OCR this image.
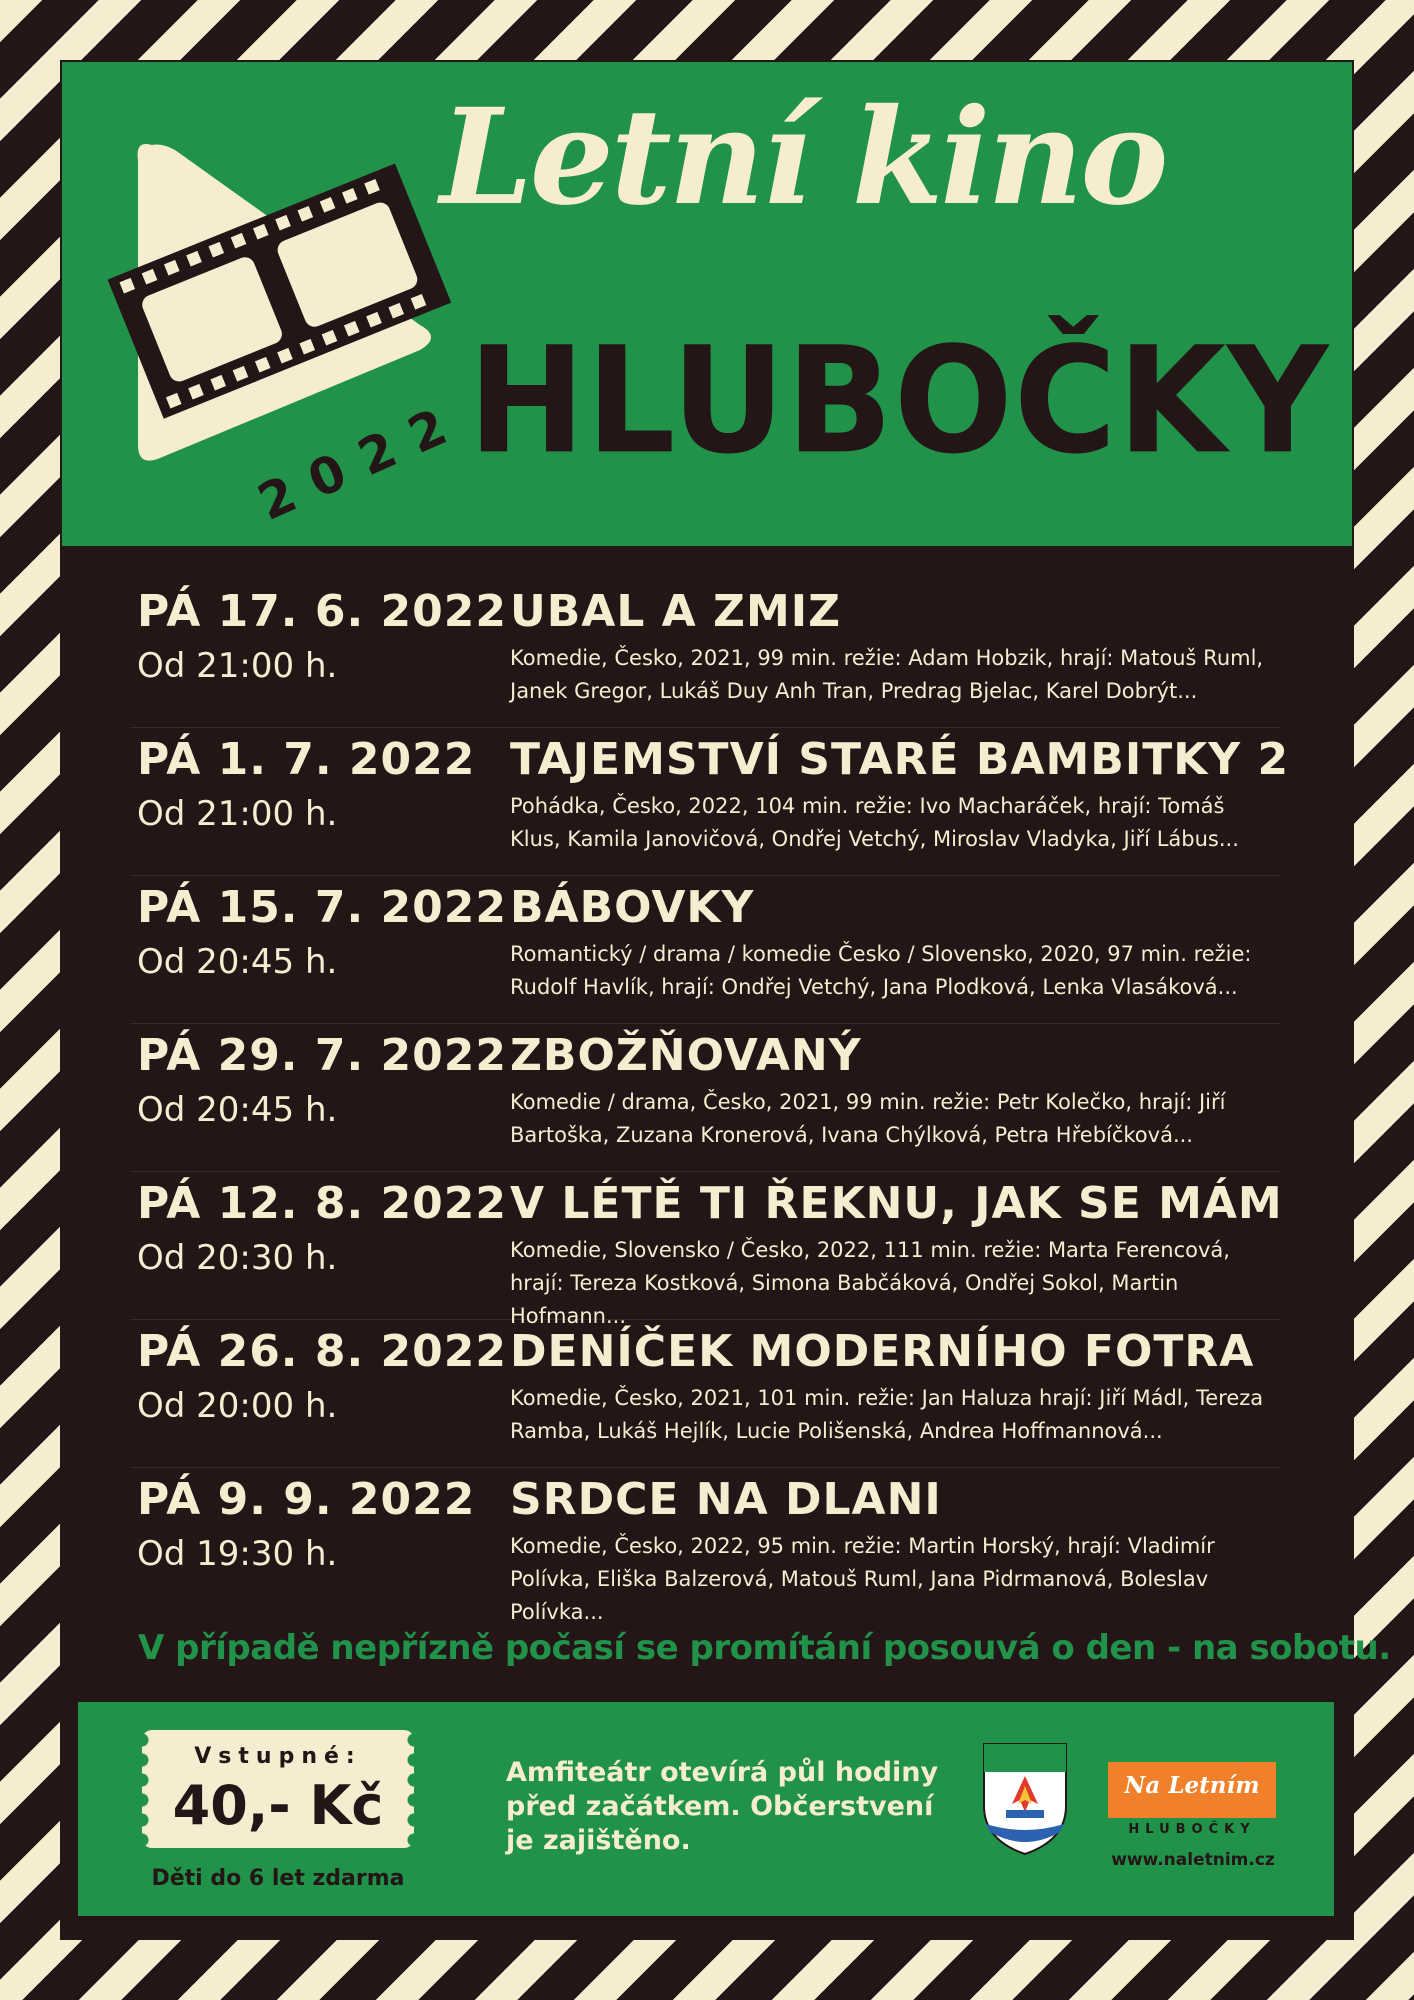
2022
Letní kino
HLUBOČKY
PÁ 17. 6. 2022
Od 21:00 h.
UBAL A ZMIZ
Komedie, Česko, 2021, 99 min. režie: Adam Hobzik, hrají: Matouš Ruml, Janek Gregor, Lukáš Duy Anh Tran, Predrag Bjelac, Karel Dobrýt...
PÁ 1. 7. 2022
Od 21:00 h.
TAJEMSTVÍ STARÉ BAMBITKY 2
Pohádka, Česko, 2022, 104 min. režie: Ivo Macharáček, hrají: Tomáš Klus, Kamila Janovičová, Ondřej Vetchý, Miroslav Vladyka, Jiří Lábus...
PÁ 15. 7. 2022
Od 20:45 h.
BÁBOVKY
Romantický / drama / komedie Česko / Slovensko, 2020, 97 min. režie: Rudolf Havlík, hrají: Ondřej Vetchý, Jana Plodková, Lenka Vlasáková...
PÁ 29. 7. 2022
Od 20:45 h.
ZBOŽŇOVANÝ
Komedie / drama, Česko, 2021, 99 min. režie: Petr Kolečko, hrají: Jiří Bartoška, Zuzana Kronerová, Ivana Chýlková, Petra Hřebíčková...
PÁ 12. 8. 2022
Od 20:30 h.
V LÉTĚ TI ŘEKNU, JAK SE MÁM
Komedie, Slovensko / Česko, 2022, 111 min. režie: Marta Ferencová, hrají: Tereza Kostková, Simona Babčáková, Ondřej Sokol, Martin Hofmann...
PÁ 26. 8. 2022
Od 20:00 h.
DENÍČEK MODERNÍHO FOTRA
Komedie, Česko, 2021, 101 min. režie: Jan Haluza hrají: Jiří Mádl, Tereza Ramba, Lukáš Hejlík, Lucie Polišenská, Andrea Hoffmannová...
PÁ 9. 9. 2022
Od 19:30 h.
SRDCE NA DLANI
Komedie, Česko, 2022, 95 min. režie: Martin Horský, hrají: Vladimír Polívka, Eliška Balzerová, Matouš Ruml, Jana Pidrmanová, Boleslav Polívka...
V případě nepřízně počasí se promítání posouvá o den - na sobotu.
Vstupné:
40,- Kč
Děti do 6 let zdarma
Amfiteátr otevírá půl hodiny před začátkem. Občerstvení je zajištěno.
Na Letním
HLUBOČKY
www.naletnim.cz
